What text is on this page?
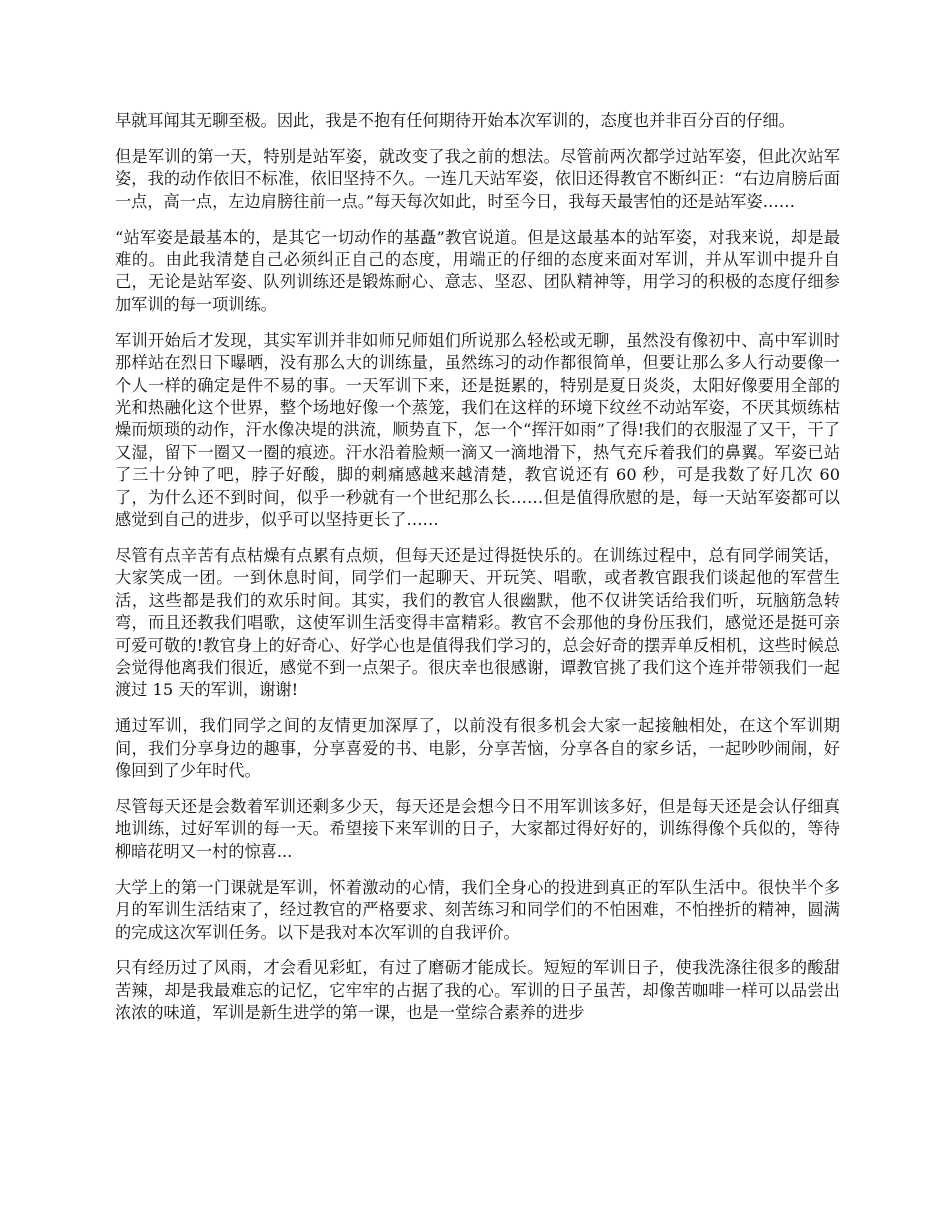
早就耳闻其无聊至极。因此，我是不抱有任何期待开始本次军训的，态度也并非百分百的仔细。

但是军训的第一天，特别是站军姿，就改变了我之前的想法。尽管前两次都学过站军姿，但此次站军姿，我的动作依旧不标准，依旧坚持不久。一连几天站军姿，依旧还得教官不断纠正：“右边肩膀后面一点，高一点，左边肩膀往前一点。”每天每次如此，时至今日，我每天最害怕的还是站军姿……

“站军姿是最基本的，是其它一切动作的基矗”教官说道。但是这最基本的站军姿，对我来说，却是最难的。由此我清楚自己必须纠正自己的态度，用端正的仔细的态度来面对军训，并从军训中提升自己，无论是站军姿、队列训练还是锻炼耐心、意志、坚忍、团队精神等，用学习的积极的态度仔细参加军训的每一项训练。

军训开始后才发现，其实军训并非如师兄师姐们所说那么轻松或无聊，虽然没有像初中、高中军训时那样站在烈日下曝晒，没有那么大的训练量，虽然练习的动作都很简单，但要让那么多人行动要像一个人一样的确定是件不易的事。一天军训下来，还是挺累的，特别是夏日炎炎，太阳好像要用全部的光和热融化这个世界，整个场地好像一个蒸笼，我们在这样的环境下纹丝不动站军姿，不厌其烦练枯燥而烦琐的动作，汗水像决堤的洪流，顺势直下，怎一个“挥汗如雨”了得!我们的衣服湿了又干，干了又湿，留下一圈又一圈的痕迹。汗水沿着脸颊一滴又一滴地滑下，热气充斥着我们的鼻翼。军姿已站了三十分钟了吧，脖子好酸，脚的刺痛感越来越清楚，教官说还有 60 秒，可是我数了好几次 60 了，为什么还不到时间，似乎一秒就有一个世纪那么长……但是值得欣慰的是，每一天站军姿都可以感觉到自己的进步，似乎可以坚持更长了……

尽管有点辛苦有点枯燥有点累有点烦，但每天还是过得挺快乐的。在训练过程中，总有同学闹笑话，大家笑成一团。一到休息时间，同学们一起聊天、开玩笑、唱歌，或者教官跟我们谈起他的军营生活，这些都是我们的欢乐时间。其实，我们的教官人很幽默，他不仅讲笑话给我们听，玩脑筋急转弯，而且还教我们唱歌，这使军训生活变得丰富精彩。教官不会那他的身份压我们，感觉还是挺可亲可爱可敬的!教官身上的好奇心、好学心也是值得我们学习的，总会好奇的摆弄单反相机，这些时候总会觉得他离我们很近，感觉不到一点架子。很庆幸也很感谢，谭教官挑了我们这个连并带领我们一起渡过 15 天的军训，谢谢!

通过军训，我们同学之间的友情更加深厚了，以前没有很多机会大家一起接触相处，在这个军训期间，我们分享身边的趣事，分享喜爱的书、电影，分享苦恼，分享各自的家乡话，一起吵吵闹闹，好像回到了少年时代。

尽管每天还是会数着军训还剩多少天，每天还是会想今日不用军训该多好，但是每天还是会认仔细真地训练，过好军训的每一天。希望接下来军训的日子，大家都过得好好的，训练得像个兵似的，等待柳暗花明又一村的惊喜...

大学上的第一门课就是军训，怀着激动的心情，我们全身心的投进到真正的军队生活中。很快半个多月的军训生活结束了，经过教官的严格要求、刻苦练习和同学们的不怕困难，不怕挫折的精神，圆满的完成这次军训任务。以下是我对本次军训的自我评价。

只有经历过了风雨，才会看见彩虹，有过了磨砺才能成长。短短的军训日子，使我洗涤往很多的酸甜苦辣，却是我最难忘的记忆，它牢牢的占据了我的心。军训的日子虽苦，却像苦咖啡一样可以品尝出浓浓的味道，军训是新生进学的第一课，也是一堂综合素养的进步
